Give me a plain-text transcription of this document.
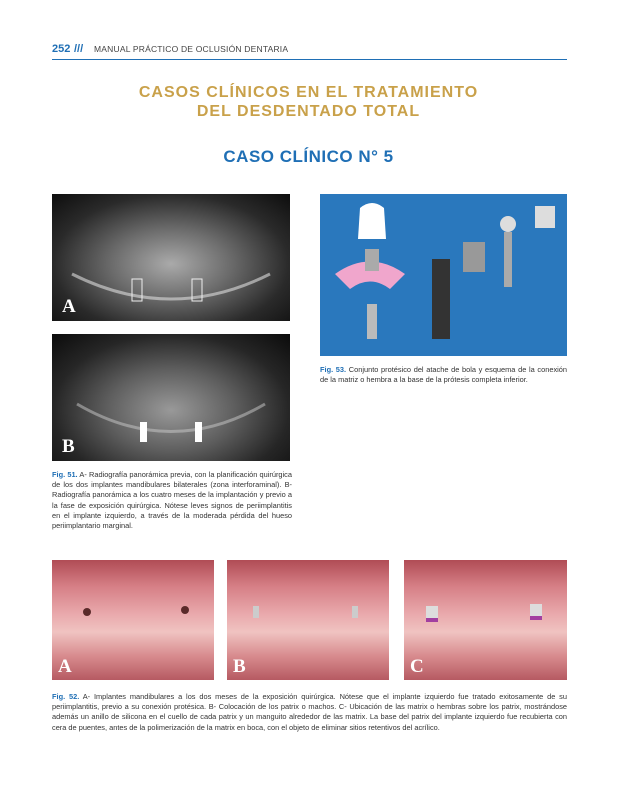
252 /// MANUAL PRÁCTICO DE OCLUSIÓN DENTARIA
CASOS CLÍNICOS EN EL TRATAMIENTO
DEL DESDENTADO TOTAL
CASO CLÍNICO N° 5
A
B
Fig. 51. A- Radiografía panorámica previa, con la planificación quirúrgica de los dos implantes mandibulares bilaterales (zona interforaminal). B- Radiografía panorámica a los cuatro meses de la implantación y previo a la fase de exposición quirúrgica. Nótese leves signos de periimplantitis en el implante izquierdo, a través de la moderada pérdida del hueso periimplantario marginal.
Fig. 53. Conjunto protésico del atache de bola y esquema de la conexión de la matriz o hembra a la base de la prótesis completa inferior.
A	B	C
Fig. 52. A- Implantes mandibulares a los dos meses de la exposición quirúrgica. Nótese que el implante izquierdo fue tratado exitosamente de su periimplantitis, previo a su conexión protésica. B- Colocación de los patrix o machos. C- Ubicación de las matrix o hembras sobre los patrix, mostrándose además un anillo de silicona en el cuello de cada patrix y un manguito alrededor de las matrix. La base del patrix del implante izquierdo fue recubierta con cera de puentes, antes de la polimerización de la matrix en boca, con el objeto de eliminar sitios retentivos del acrílico.
